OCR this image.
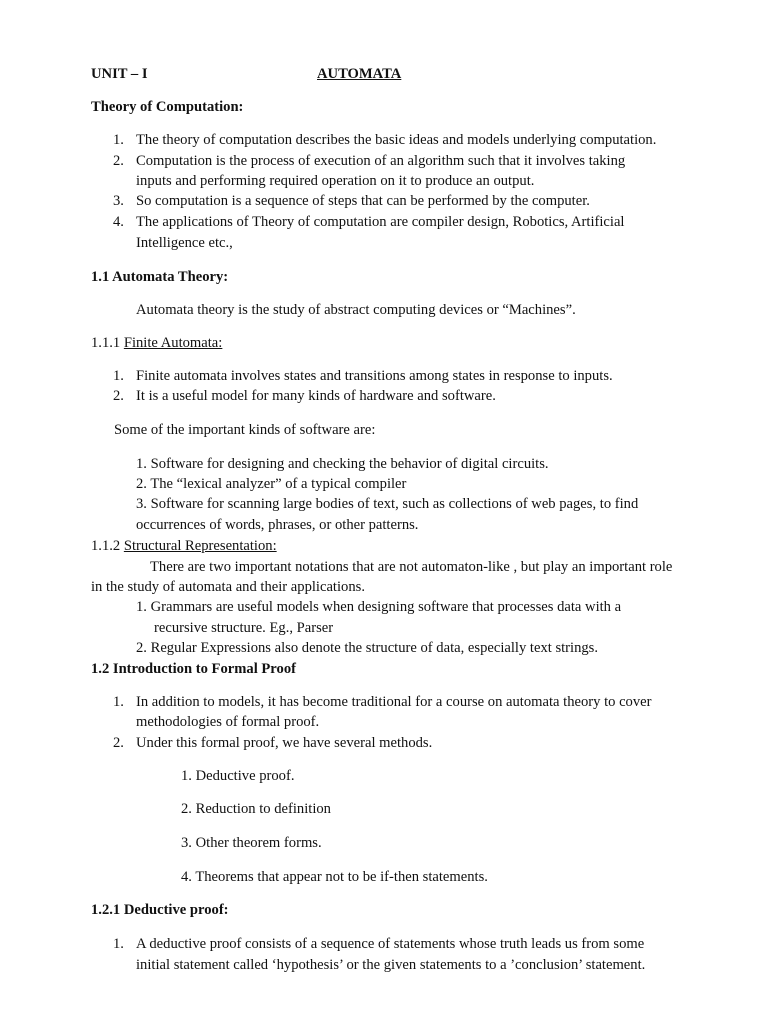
UNIT – I	AUTOMATA
Theory of Computation:
1. The theory of computation describes the basic ideas and models underlying computation.
2. Computation is the process of execution of an algorithm such that it involves taking
inputs and performing required operation on it to produce an output.
3. So computation is a sequence of steps that can be performed by the computer.
4. The applications of Theory of computation are compiler design, Robotics, Artificial
Intelligence etc.,
1.1 Automata Theory:
Automata theory is the study of abstract computing devices or “Machines”.
1.1.1 Finite Automata:
1. Finite automata involves states and transitions among states in response to inputs.
2. It is a useful model for many kinds of hardware and software.
Some of the important kinds of software are:
1. Software for designing and checking the behavior of digital circuits.
2. The “lexical analyzer” of a typical compiler
3. Software for scanning large bodies of text, such as collections of web pages, to find
occurrences of words, phrases, or other patterns.
1.1.2 Structural Representation:
There are two important notations that are not automaton-like , but play an important role
in the study of automata and their applications.
1. Grammars are useful models when designing software that processes data with a
recursive structure. Eg., Parser
2. Regular Expressions also denote the structure of data, especially text strings.
1.2 Introduction to Formal Proof
1. In addition to models, it has become traditional for a course on automata theory to cover
methodologies of formal proof.
2. Under this formal proof, we have several methods.
1. Deductive proof.
2. Reduction to definition
3. Other theorem forms.
4. Theorems that appear not to be if-then statements.
1.2.1 Deductive proof:
1. A deductive proof consists of a sequence of statements whose truth leads us from some
initial statement called ‘hypothesis’ or the given statements to a ’conclusion’ statement.
